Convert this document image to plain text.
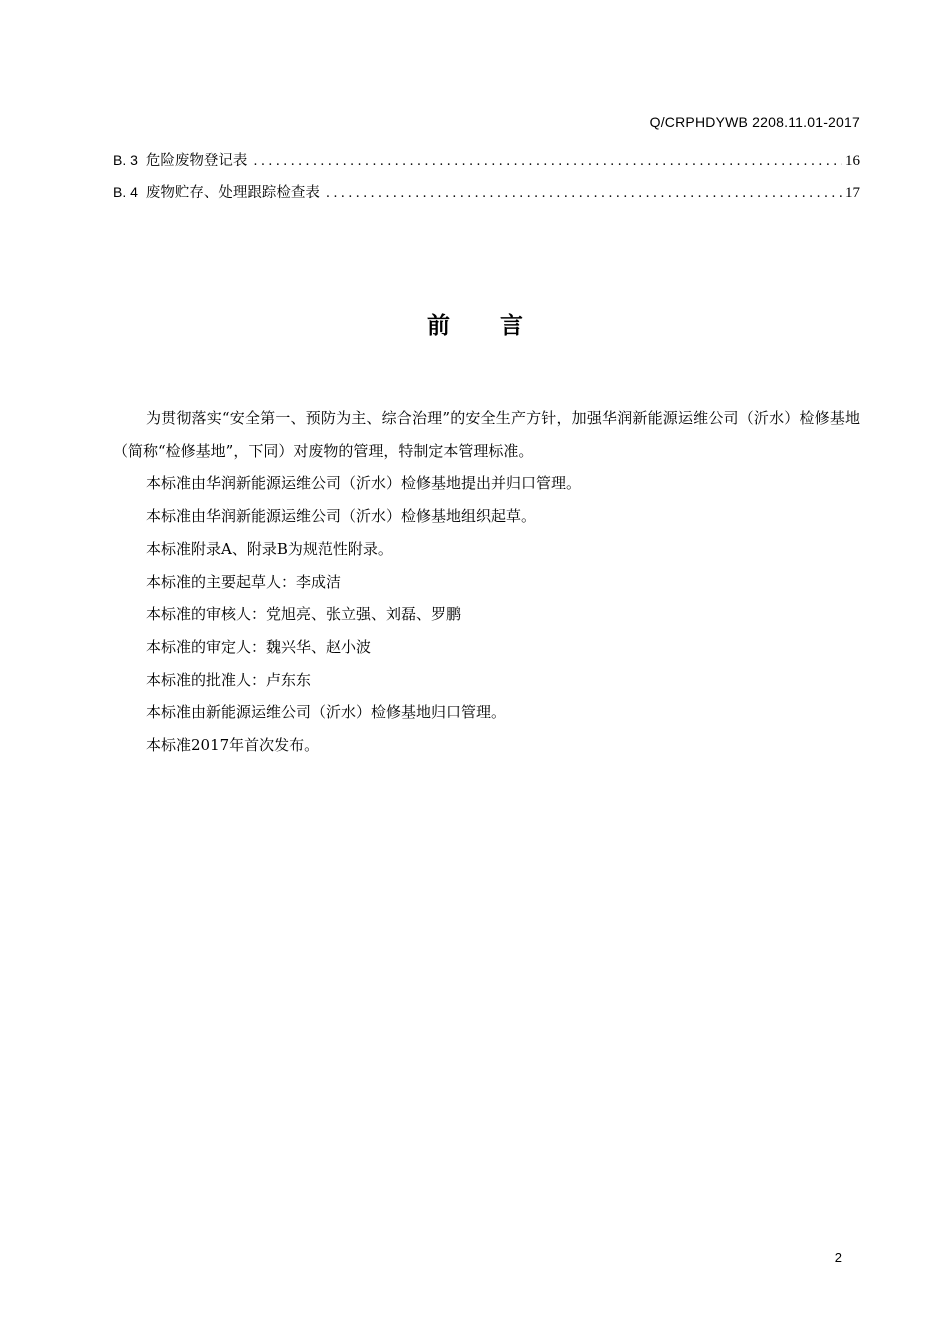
Q/CRPHDYWB 2208.11.01-2017
B. 3 危险废物登记表 .....	16
B. 4 废物贮存、处理跟踪检查表 .....	17
前言

为贯彻落实“安全第一、预防为主、综合治理”的安全生产方针，加强华润新能源运维公司（沂水）检修基地（简称“检修基地”，下同）对废物的管理，特制定本管理标准。

本标准由华润新能源运维公司（沂水）检修基地提出并归口管理。

本标准由华润新能源运维公司（沂水）检修基地组织起草。

本标准附录A、附录B为规范性附录。

本标准的主要起草人：李成洁

本标准的审核人：党旭亮、张立强、刘磊、罗鹏

本标准的审定人：魏兴华、赵小波

本标准的批准人：卢东东

本标准由新能源运维公司（沂水）检修基地归口管理。

本标准2017年首次发布。

2
